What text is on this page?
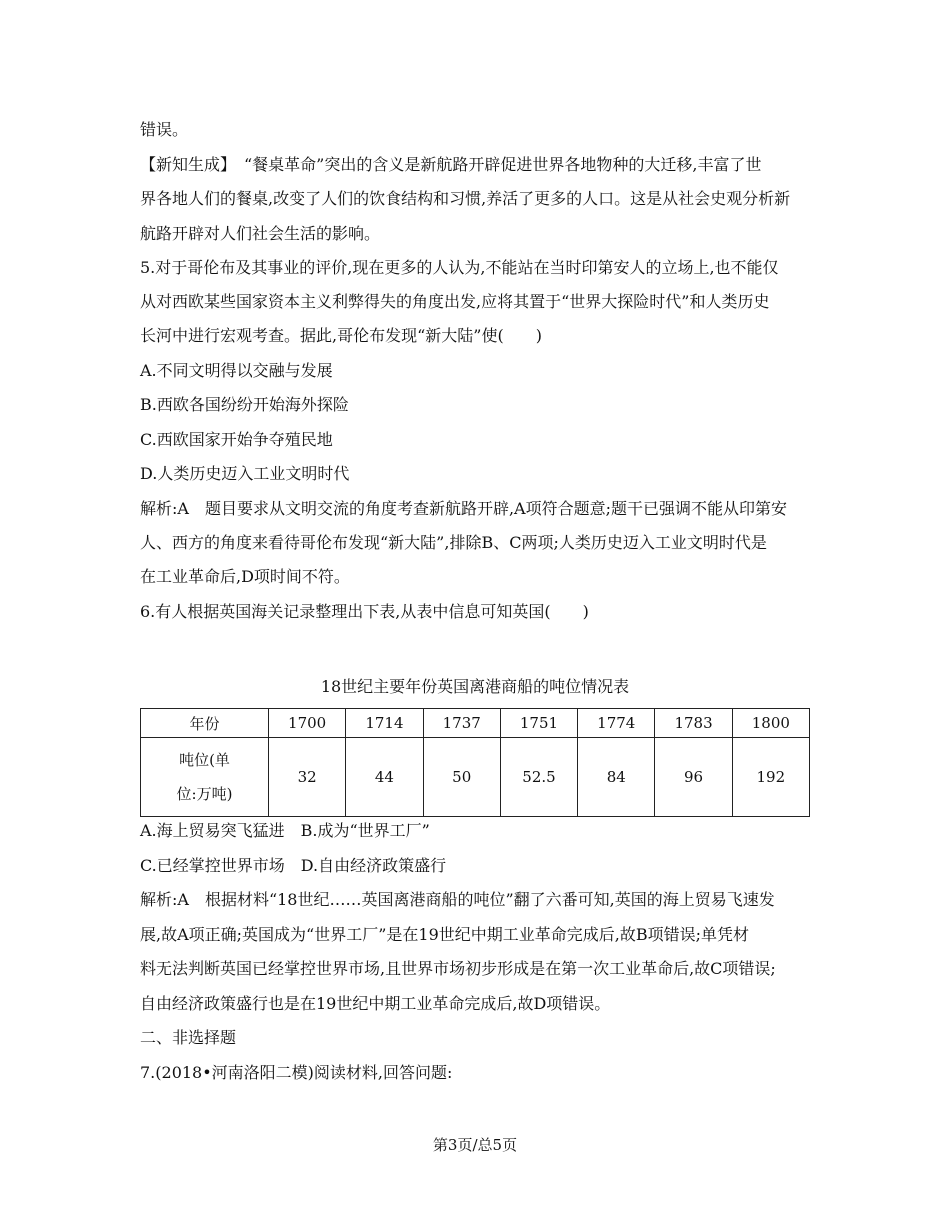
错误。
【新知生成】　“餐桌革命”突出的含义是新航路开辟促进世界各地物种的大迁移,丰富了世
界各地人们的餐桌,改变了人们的饮食结构和习惯,养活了更多的人口。这是从社会史观分析新
航路开辟对人们社会生活的影响。
5.对于哥伦布及其事业的评价,现在更多的人认为,不能站在当时印第安人的立场上,也不能仅
从对西欧某些国家资本主义利弊得失的角度出发,应将其置于“世界大探险时代”和人类历史
长河中进行宏观考查。据此,哥伦布发现“新大陆”使(　　)
A.不同文明得以交融与发展
B.西欧各国纷纷开始海外探险
C.西欧国家开始争夺殖民地
D.人类历史迈入工业文明时代
解析:A　题目要求从文明交流的角度考查新航路开辟,A项符合题意;题干已强调不能从印第安
人、西方的角度来看待哥伦布发现“新大陆”,排除B、C两项;人类历史迈入工业文明时代是
在工业革命后,D项时间不符。
6.有人根据英国海关记录整理出下表,从表中信息可知英国(　　)
18世纪主要年份英国离港商船的吨位情况表
年份	1700	1714	1737	1751	1774	1783	1800
吨位(单
位:万吨)	32	44	50	52.5	84	96	192
A.海上贸易突飞猛进　B.成为“世界工厂”
C.已经掌控世界市场　D.自由经济政策盛行
解析:A　根据材料“18世纪……英国离港商船的吨位”翻了六番可知,英国的海上贸易飞速发
展,故A项正确;英国成为“世界工厂”是在19世纪中期工业革命完成后,故B项错误;单凭材
料无法判断英国已经掌控世界市场,且世界市场初步形成是在第一次工业革命后,故C项错误;
自由经济政策盛行也是在19世纪中期工业革命完成后,故D项错误。
二、非选择题
7.(2018•河南洛阳二模)阅读材料,回答问题:
第3页/总5页
